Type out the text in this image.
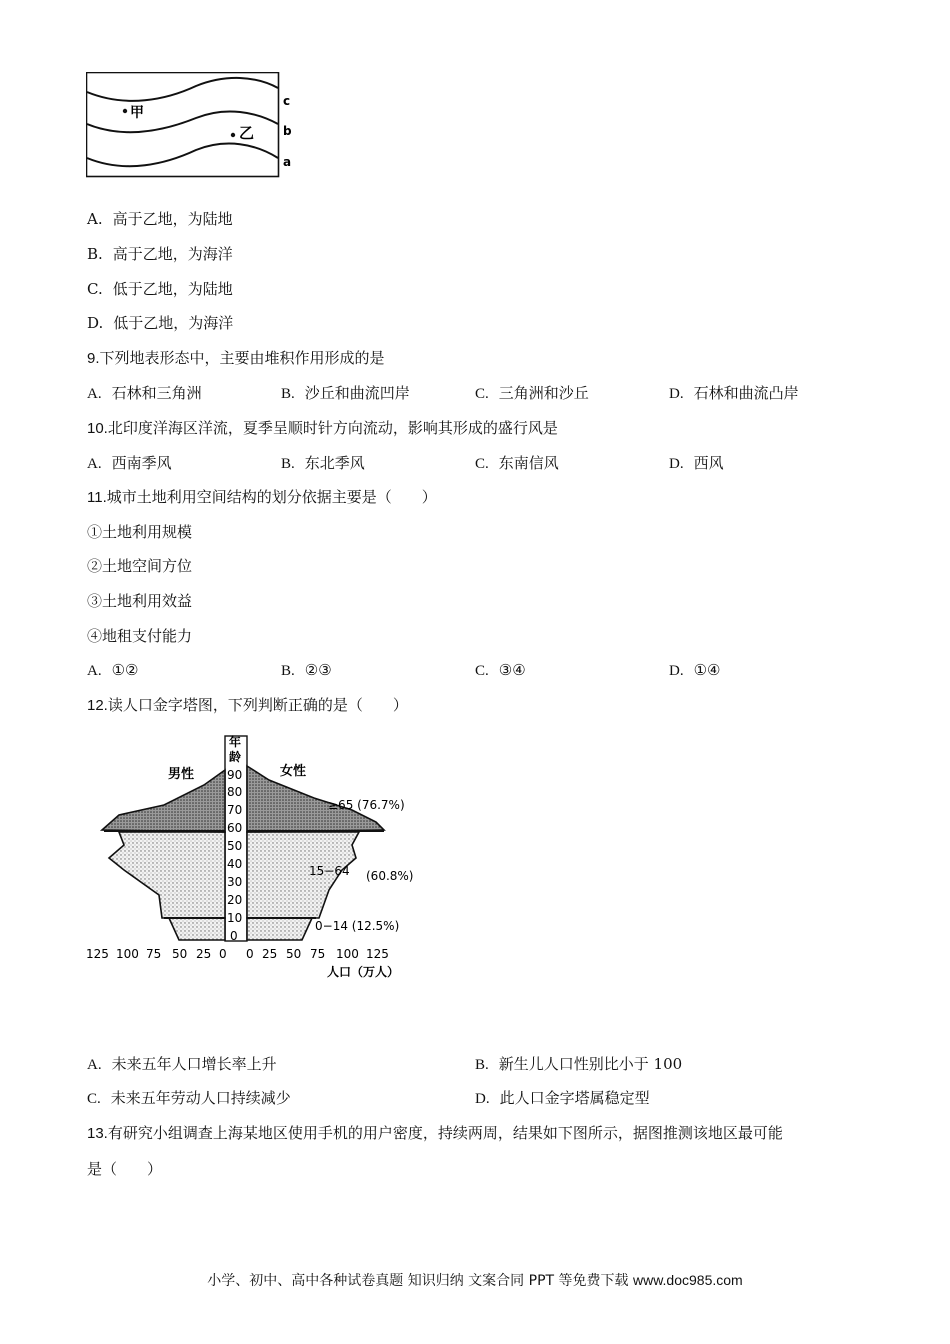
甲
乙
c
b
a
A. 高于乙地，为陆地
B. 高于乙地，为海洋
C. 低于乙地，为陆地
D. 低于乙地，为海洋
9.下列地表形态中，主要由堆积作用形成的是
A. 石林和三角洲	B. 沙丘和曲流凹岸	C. 三角洲和沙丘	D. 石林和曲流凸岸
10.北印度洋海区洋流，夏季呈顺时针方向流动，影响其形成的盛行风是
A. 西南季风	B. 东北季风	C. 东南信风	D. 西风
11.城市土地利用空间结构的划分依据主要是（　　）
①土地利用规模
②土地空间方位
③土地利用效益
④地租支付能力
A. ①②	B. ②③	C. ③④	D. ①④
12.读人口金字塔图，下列判断正确的是（　　）
年
龄
90
80
70
60
50
40
30
20
10
0
男性	女性
≥65 (76.7%)
15−64 (60.8%)
0−14 (12.5%)
125 100 75 50 25 0 0 25 50 75 100 125
人口（万人）
A. 未来五年人口增长率上升	B. 新生儿人口性别比小于 100
C. 未来五年劳动人口持续减少	D. 此人口金字塔属稳定型
13.有研究小组调查上海某地区使用手机的用户密度，持续两周，结果如下图所示，据图推测该地区最可能
是（　　）
小学、初中、高中各种试卷真题 知识归纳 文案合同 PPT 等免费下载 www.doc985.com
